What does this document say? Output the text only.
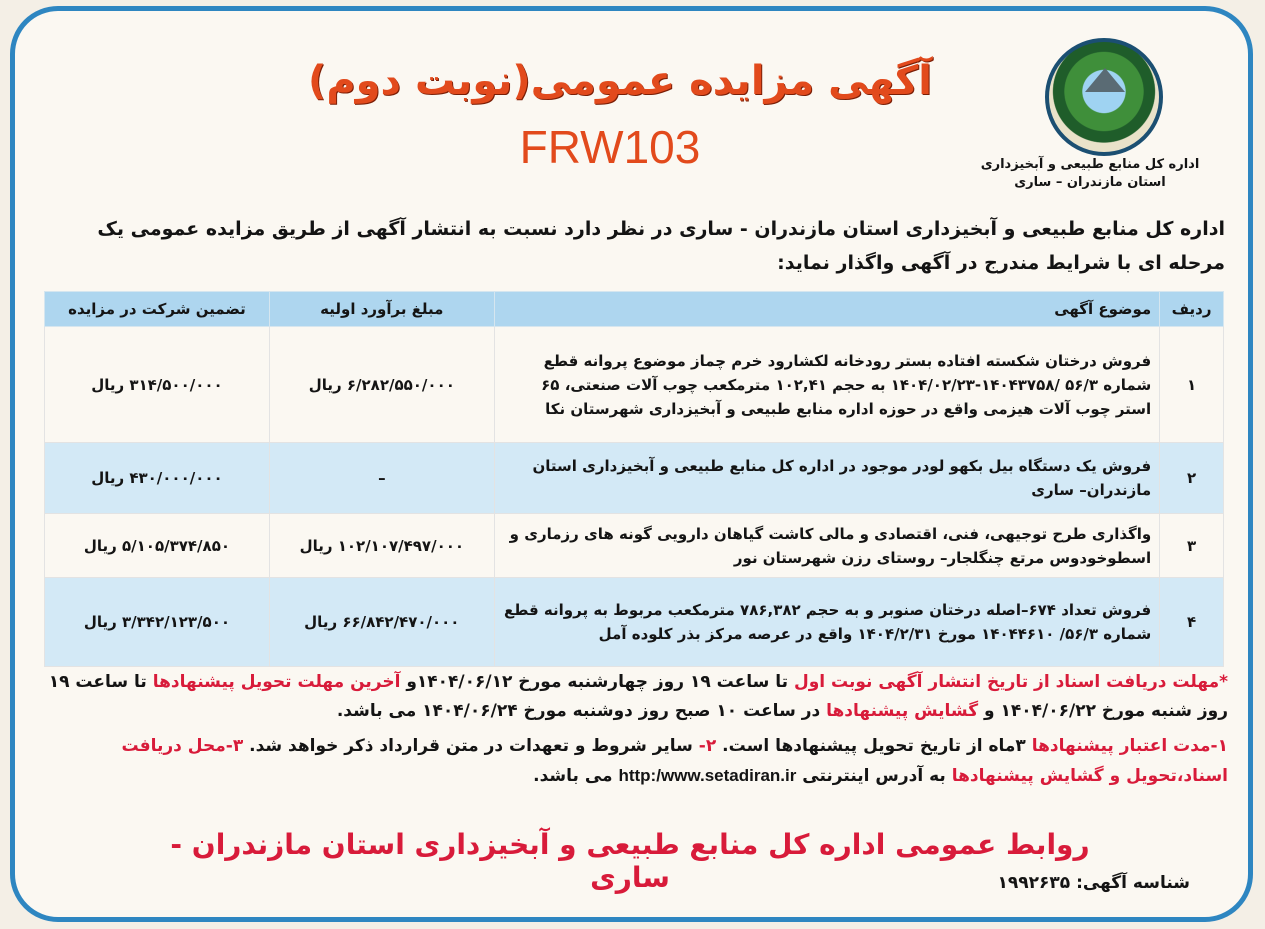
اداره کل منابع طبیعی و آبخیزداری
استان مازندران – ساری
آگهی مزایده عمومی(نوبت دوم)
FRW103
اداره کل منابع طبیعی و آبخیزداری استان مازندران - ساری در نظر دارد نسبت به انتشار آگهی از طریق مزایده عمومی یک مرحله ای با شرایط مندرج در آگهی واگذار نماید:
ردیف	موضوع آگهی	مبلغ برآورد اولیه	تضمین شرکت در مزایده
۱	فروش درختان شکسته افتاده بستر رودخانه لکشارود خرم چماز موضوع پروانه قطع شماره ۵۶/۳ /۱۴۰۴۳۷۵۸-۱۴۰۴/۰۲/۲۳ به حجم ۱۰۲,۴۱ مترمکعب چوب آلات صنعتی، ۶۵ استر چوب آلات هیزمی واقع در حوزه اداره منابع طبیعی و آبخیزداری شهرستان نکا	۶/۲۸۲/۵۵۰/۰۰۰ ریال	۳۱۴/۵۰۰/۰۰۰ ریال
۲	فروش یک دستگاه بیل بکهو لودر موجود در اداره کل منابع طبیعی و آبخیزداری استان مازندران– ساری	–	۴۳۰/۰۰۰/۰۰۰ ریال
۳	واگذاری طرح توجیهی، فنی، اقتصادی و مالی کاشت گیاهان دارویی گونه های رزماری و اسطوخودوس مرتع چنگلجار– روستای رزن شهرستان نور	۱۰۲/۱۰۷/۴۹۷/۰۰۰ ریال	۵/۱۰۵/۳۷۴/۸۵۰ ریال
۴	فروش تعداد ۶۷۴–اصله درختان صنوبر و به حجم ۷۸۶,۳۸۲ مترمکعب مربوط به پروانه قطع شماره ۵۶/۳/ ۱۴۰۴۴۶۱۰ مورخ ۱۴۰۴/۲/۳۱ واقع در عرصه مرکز بذر کلوده آمل	۶۶/۸۴۲/۴۷۰/۰۰۰ ریال	۳/۳۴۲/۱۲۳/۵۰۰ ریال
*مهلت دریافت اسناد از تاریخ انتشار آگهی نوبت اول تا ساعت ۱۹ روز چهارشنبه مورخ ۱۴۰۴/۰۶/۱۲و آخرین مهلت تحویل پیشنهادها تا ساعت ۱۹ روز شنبه مورخ ۱۴۰۴/۰۶/۲۲ و گشایش پیشنهادها در ساعت ۱۰ صبح روز دوشنبه مورخ ۱۴۰۴/۰۶/۲۴ می باشد.
۱-مدت اعتبار پیشنهادها ۳ماه از تاریخ تحویل پیشنهادها است. ۲- سایر شروط و تعهدات در متن قرارداد ذکر خواهد شد. ۳-محل دریافت اسناد،تحویل و گشایش پیشنهادها به آدرس اینترنتی http:/www.setadiran.ir می باشد.
روابط عمومی اداره کل منابع طبیعی و آبخیزداری استان مازندران - ساری	شناسه آگهی: ۱۹۹۲۶۳۵
